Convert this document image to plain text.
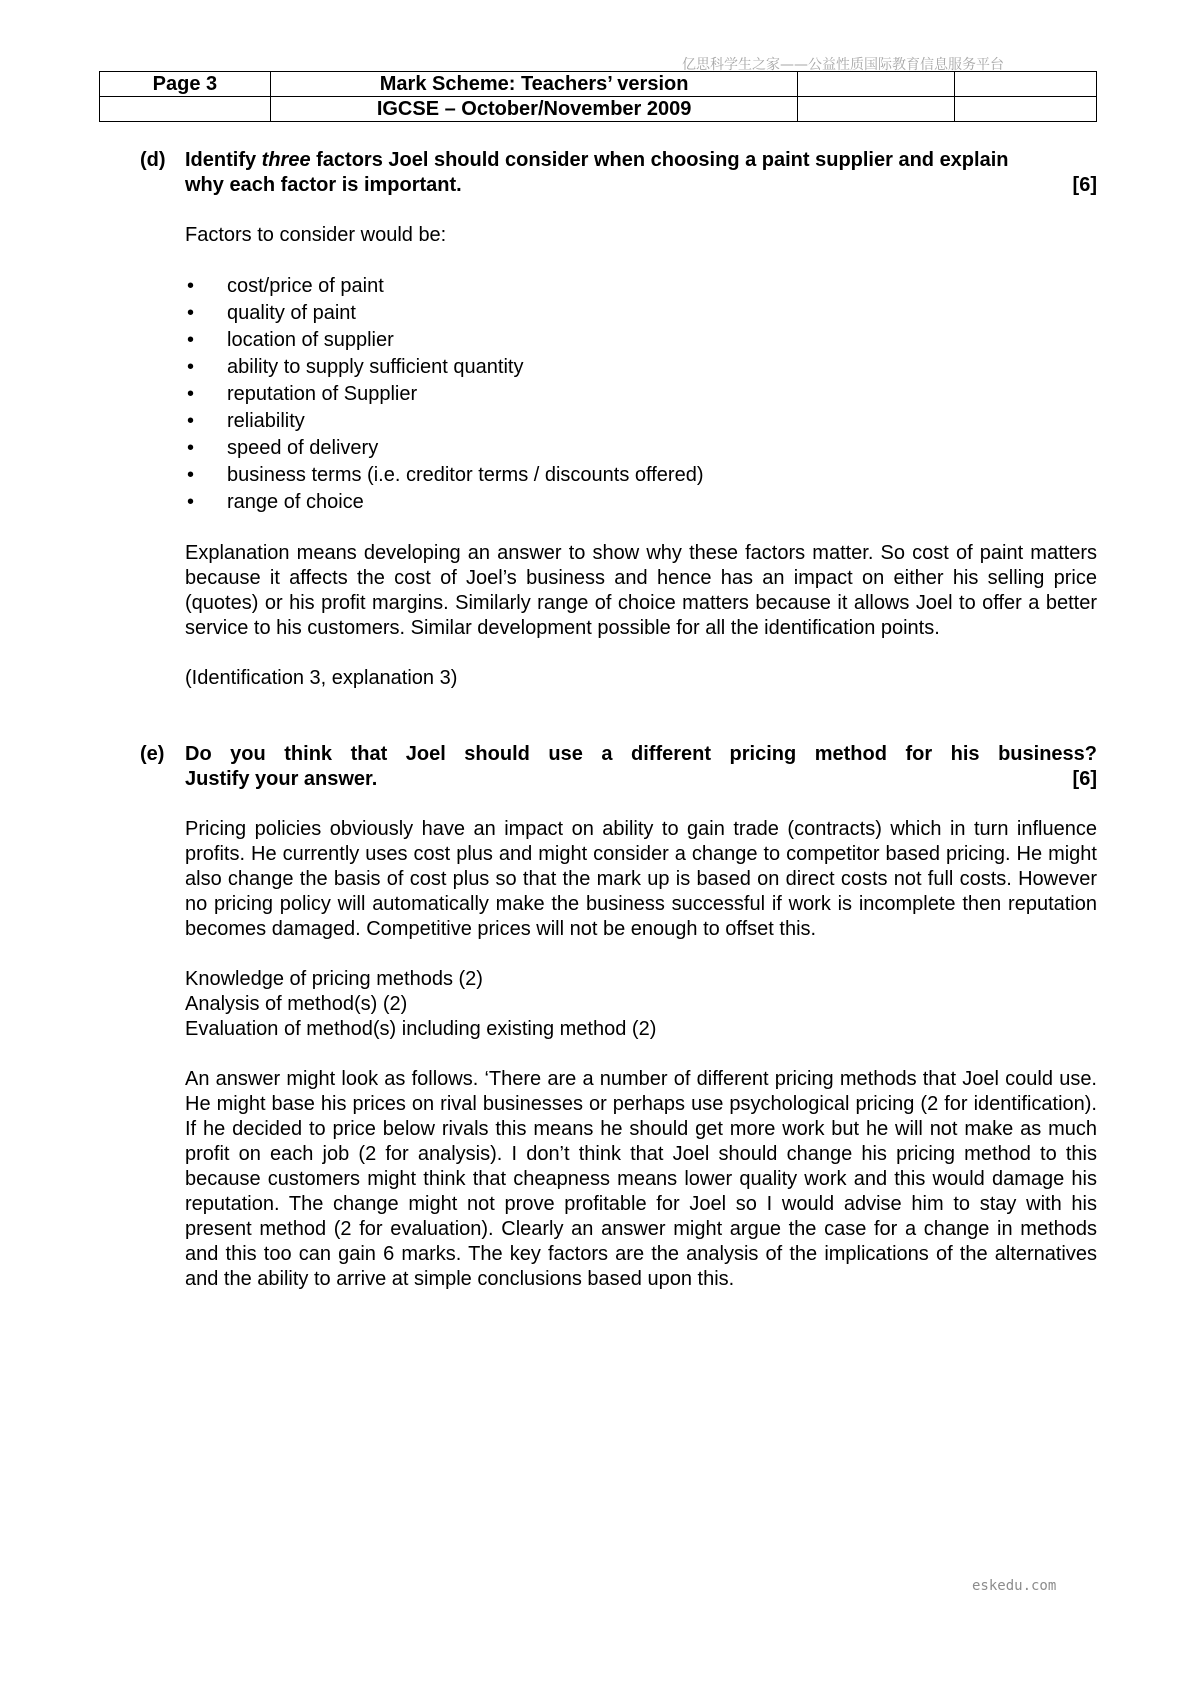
亿思科学生之家——公益性质国际教育信息服务平台
Page 3	Mark Scheme: Teachers’ version		
	IGCSE – October/November 2009		
(d) Identify three factors Joel should consider when choosing a paint supplier and explain
why each factor is important.	[6]
Factors to consider would be:
• cost/price of paint
• quality of paint
• location of supplier
• ability to supply sufficient quantity
• reputation of Supplier
• reliability
• speed of delivery
• business terms (i.e. creditor terms / discounts offered)
• range of choice
Explanation means developing an answer to show why these factors matter. So cost of paint matters because it affects the cost of Joel’s business and hence has an impact on either his selling price (quotes) or his profit margins. Similarly range of choice matters because it allows Joel to offer a better service to his customers. Similar development possible for all the identification points.
(Identification 3, explanation 3)
(e)	Do you think that Joel should use a different pricing method for his business?
Justify your answer.	[6]
Pricing policies obviously have an impact on ability to gain trade (contracts) which in turn influence profits. He currently uses cost plus and might consider a change to competitor based pricing. He might also change the basis of cost plus so that the mark up is based on direct costs not full costs. However no pricing policy will automatically make the business successful if work is incomplete then reputation becomes damaged. Competitive prices will not be enough to offset this.
Knowledge of pricing methods (2)
Analysis of method(s) (2)
Evaluation of method(s) including existing method (2)
An answer might look as follows. ‘There are a number of different pricing methods that Joel could use. He might base his prices on rival businesses or perhaps use psychological pricing (2 for identification). If he decided to price below rivals this means he should get more work but he will not make as much profit on each job (2 for analysis). I don’t think that Joel should change his pricing method to this because customers might think that cheapness means lower quality work and this would damage his reputation. The change might not prove profitable for Joel so I would advise him to stay with his present method (2 for evaluation). Clearly an answer might argue the case for a change in methods and this too can gain 6 marks. The key factors are the analysis of the implications of the alternatives and the ability to arrive at simple conclusions based upon this.
eskedu.com
